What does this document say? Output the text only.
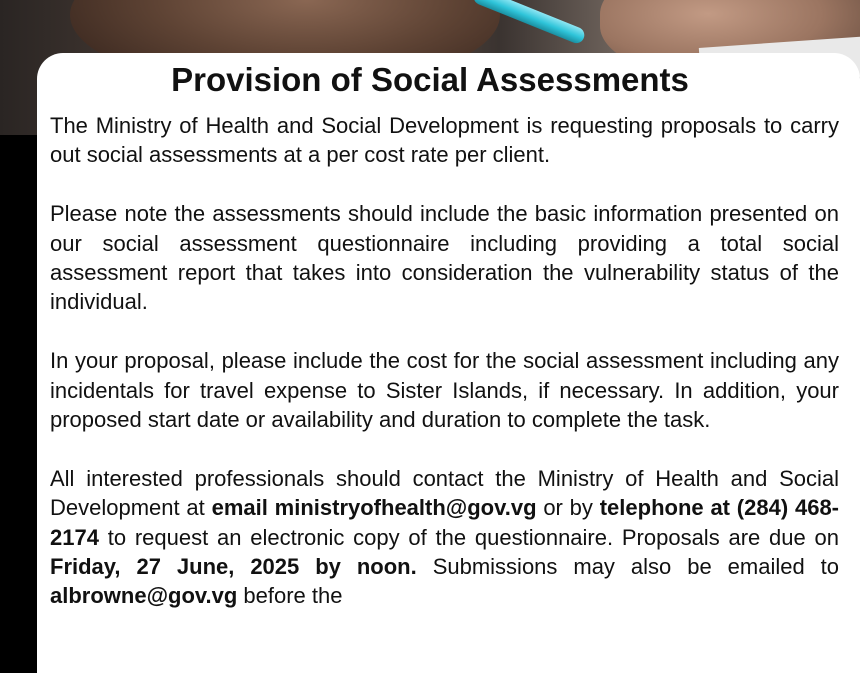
Provision of Social Assessments

The Ministry of Health and Social Development is requesting proposals to carry out social assessments at a per cost rate per client.

Please note the assessments should include the basic information presented on our social assessment questionnaire including providing a total social assessment report that takes into consideration the vulnerability status of the individual.

In your proposal, please include the cost for the social assessment including any incidentals for travel expense to Sister Islands, if necessary. In addition, your proposed start date or availability and duration to complete the task.

All interested professionals should contact the Ministry of Health and Social Development at email ministryofhealth@gov.vg or by telephone at (284) 468-2174 to request an electronic copy of the questionnaire. Proposals are due on Friday, 27 June, 2025 by noon. Submissions may also be emailed to albrowne@gov.vg before the
